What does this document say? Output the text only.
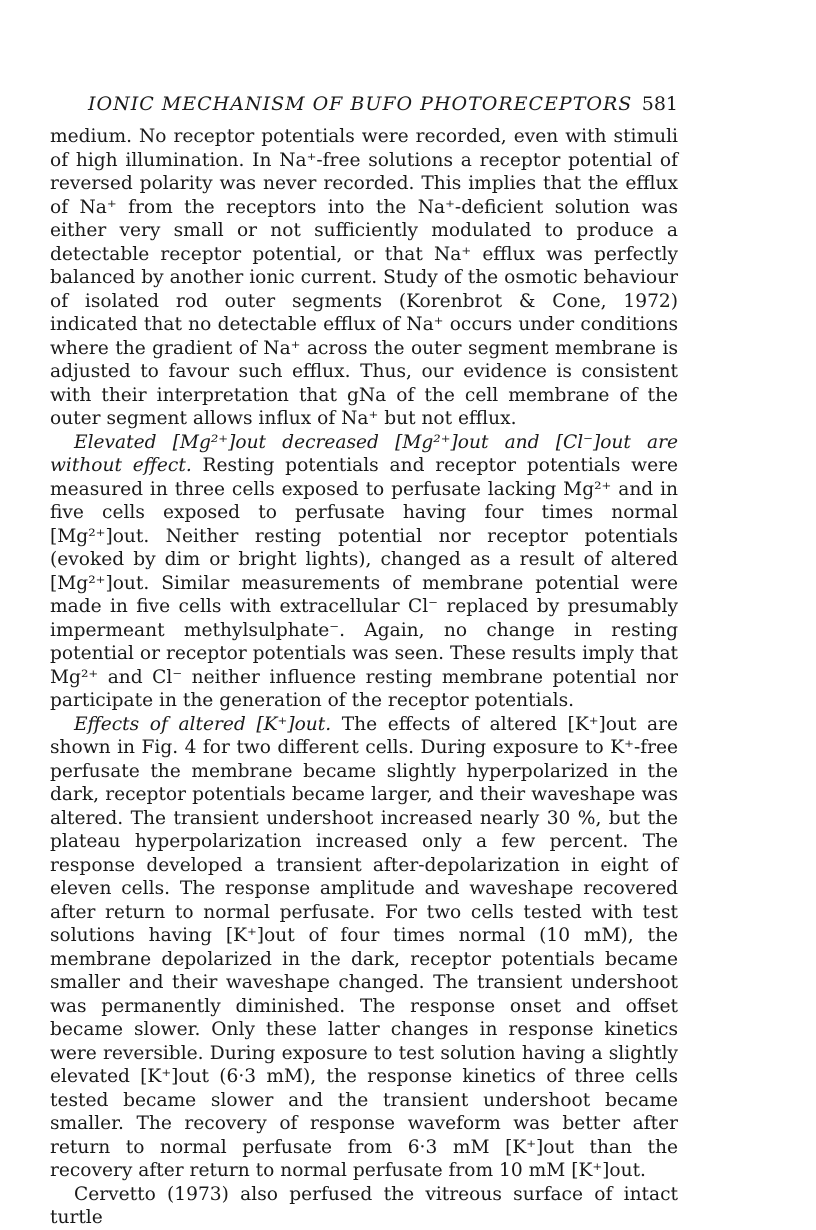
IONIC MECHANISM OF BUFO PHOTORECEPTORS 581

medium. No receptor potentials were recorded, even with stimuli of high illumination. In Na⁺-free solutions a receptor potential of reversed polarity was never recorded. This implies that the efflux of Na⁺ from the receptors into the Na⁺-deficient solution was either very small or not sufficiently modulated to produce a detectable receptor potential, or that Na⁺ efflux was perfectly balanced by another ionic current. Study of the osmotic behaviour of isolated rod outer segments (Korenbrot & Cone, 1972) indicated that no detectable efflux of Na⁺ occurs under conditions where the gradient of Na⁺ across the outer segment membrane is adjusted to favour such efflux. Thus, our evidence is consistent with their interpretation that gNa of the cell membrane of the outer segment allows influx of Na⁺ but not efflux.

Elevated [Mg²⁺]out decreased [Mg²⁺]out and [Cl⁻]out are without effect. Resting potentials and receptor potentials were measured in three cells exposed to perfusate lacking Mg²⁺ and in five cells exposed to perfusate having four times normal [Mg²⁺]out. Neither resting potential nor receptor potentials (evoked by dim or bright lights), changed as a result of altered [Mg²⁺]out. Similar measurements of membrane potential were made in five cells with extracellular Cl⁻ replaced by presumably impermeant methylsulphate⁻. Again, no change in resting potential or receptor potentials was seen. These results imply that Mg²⁺ and Cl⁻ neither influence resting membrane potential nor participate in the generation of the receptor potentials.

Effects of altered [K⁺]out. The effects of altered [K⁺]out are shown in Fig. 4 for two different cells. During exposure to K⁺-free perfusate the membrane became slightly hyperpolarized in the dark, receptor potentials became larger, and their waveshape was altered. The transient undershoot increased nearly 30 %, but the plateau hyperpolarization increased only a few percent. The response developed a transient after-depolarization in eight of eleven cells. The response amplitude and waveshape recovered after return to normal perfusate. For two cells tested with test solutions having [K⁺]out of four times normal (10 mM), the membrane depolarized in the dark, receptor potentials became smaller and their waveshape changed. The transient undershoot was permanently diminished. The response onset and offset became slower. Only these latter changes in response kinetics were reversible. During exposure to test solution having a slightly elevated [K⁺]out (6·3 mM), the response kinetics of three cells tested became slower and the transient undershoot became smaller. The recovery of response waveform was better after return to normal perfusate from 6·3 mM [K⁺]out than the recovery after return to normal perfusate from 10 mM [K⁺]out.

Cervetto (1973) also perfused the vitreous surface of intact turtle
